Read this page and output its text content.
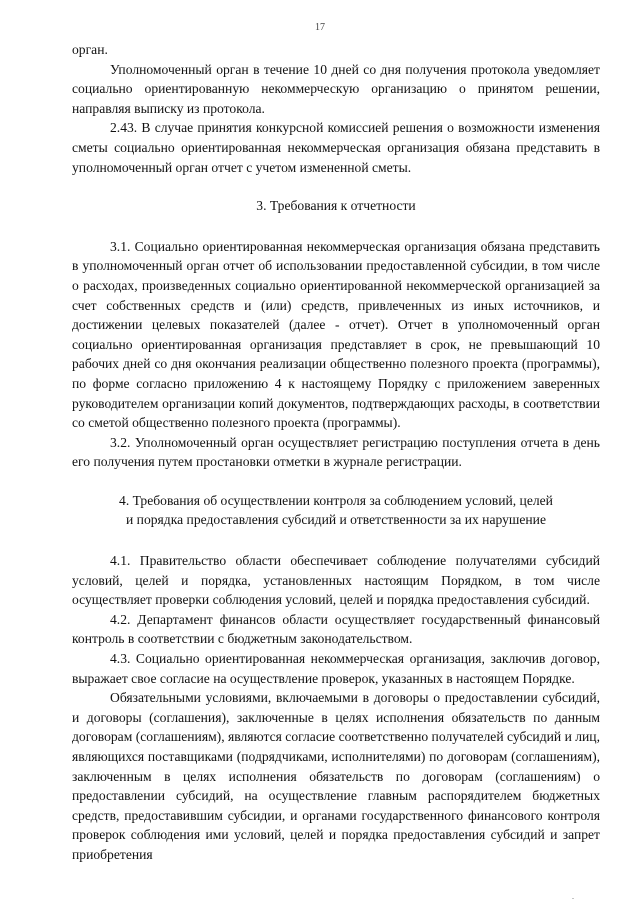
17

орган.

Уполномоченный орган в течение 10 дней со дня получения протокола уведомляет социально ориентированную некоммерческую организацию о принятом решении, направляя выписку из протокола.

2.43. В случае принятия конкурсной комиссией решения о возможности изменения сметы социально ориентированная некоммерческая организация обязана представить в уполномоченный орган отчет с учетом измененной сметы.

3. Требования к отчетности

3.1. Социально ориентированная некоммерческая организация обязана представить в уполномоченный орган отчет об использовании предоставленной субсидии, в том числе о расходах, произведенных социально ориентированной некоммерческой организацией за счет собственных средств и (или) средств, привлеченных из иных источников, и достижении целевых показателей (далее - отчет). Отчет в уполномоченный орган социально ориентированная организация представляет в срок, не превышающий 10 рабочих дней со дня окончания реализации общественно полезного проекта (программы), по форме согласно приложению 4 к настоящему Порядку с приложением заверенных руководителем организации копий документов, подтверждающих расходы, в соответствии со сметой общественно полезного проекта (программы).

3.2. Уполномоченный орган осуществляет регистрацию поступления отчета в день его получения путем простановки отметки в журнале регистрации.

4. Требования об осуществлении контроля за соблюдением условий, целей
и порядка предоставления субсидий и ответственности за их нарушение

4.1. Правительство области обеспечивает соблюдение получателями субсидий условий, целей и порядка, установленных настоящим Порядком, в том числе осуществляет проверки соблюдения условий, целей и порядка предоставления субсидий.

4.2. Департамент финансов области осуществляет государственный финансовый контроль в соответствии с бюджетным законодательством.

4.3. Социально ориентированная некоммерческая организация, заключив договор, выражает свое согласие на осуществление проверок, указанных в настоящем Порядке.

Обязательными условиями, включаемыми в договоры о предоставлении субсидий, и договоры (соглашения), заключенные в целях исполнения обязательств по данным договорам (соглашениям), являются согласие соответственно получателей субсидий и лиц, являющихся поставщиками (подрядчиками, исполнителями) по договорам (соглашениям), заключенным в целях исполнения обязательств по договорам (соглашениям) о предоставлении субсидий, на осуществление главным распорядителем бюджетных средств, предоставившим субсидии, и органами государственного финансового контроля проверок соблюдения ими условий, целей и порядка предоставления субсидий и запрет приобретения

.
